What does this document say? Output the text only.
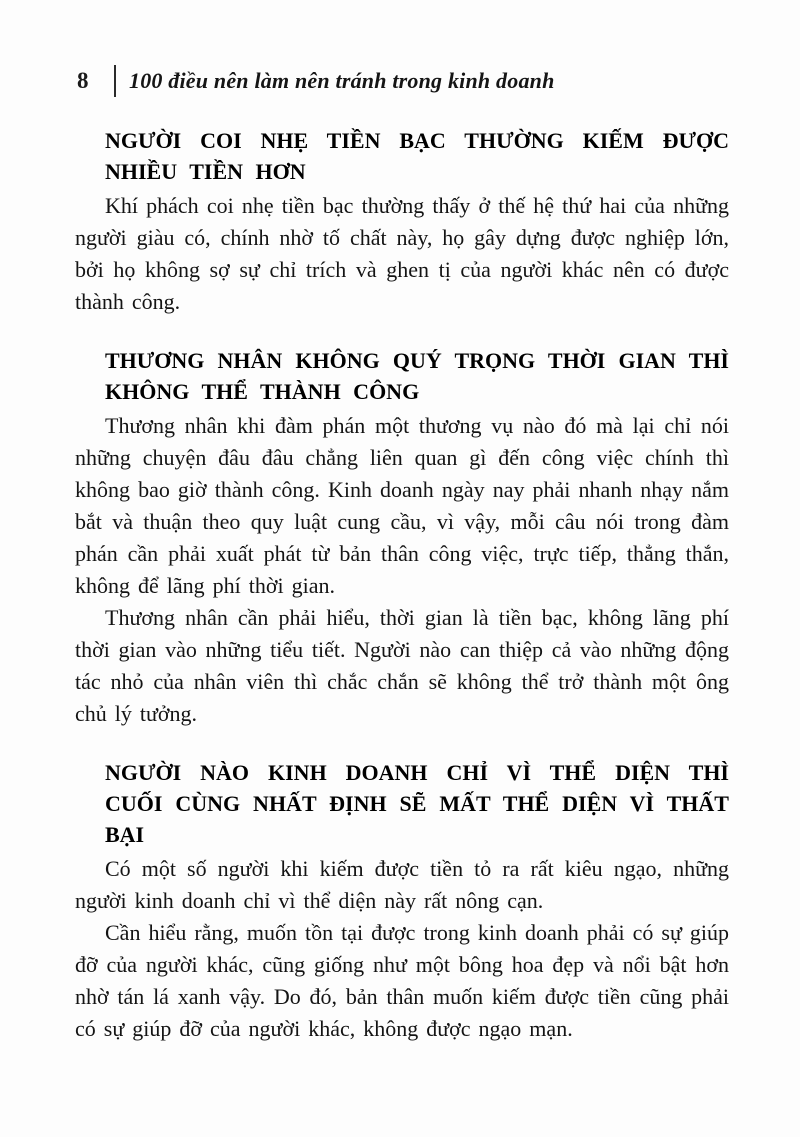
8 100 điều nên làm nên tránh trong kinh doanh
NGƯỜI COI NHẸ TIỀN BẠC THƯỜNG KIẾM ĐƯỢC NHIỀU TIỀN HƠN

Khí phách coi nhẹ tiền bạc thường thấy ở thế hệ thứ hai của những người giàu có, chính nhờ tố chất này, họ gây dựng được nghiệp lớn, bởi họ không sợ sự chỉ trích và ghen tị của người khác nên có được thành công.

THƯƠNG NHÂN KHÔNG QUÝ TRỌNG THỜI GIAN THÌ KHÔNG THỂ THÀNH CÔNG

Thương nhân khi đàm phán một thương vụ nào đó mà lại chỉ nói những chuyện đâu đâu chẳng liên quan gì đến công việc chính thì không bao giờ thành công. Kinh doanh ngày nay phải nhanh nhạy nắm bắt và thuận theo quy luật cung cầu, vì vậy, mỗi câu nói trong đàm phán cần phải xuất phát từ bản thân công việc, trực tiếp, thẳng thắn, không để lãng phí thời gian.

Thương nhân cần phải hiểu, thời gian là tiền bạc, không lãng phí thời gian vào những tiểu tiết. Người nào can thiệp cả vào những động tác nhỏ của nhân viên thì chắc chắn sẽ không thể trở thành một ông chủ lý tưởng.

NGƯỜI NÀO KINH DOANH CHỈ VÌ THỂ DIỆN THÌ CUỐI CÙNG NHẤT ĐỊNH SẼ MẤT THỂ DIỆN VÌ THẤT BẠI

Có một số người khi kiếm được tiền tỏ ra rất kiêu ngạo, những người kinh doanh chỉ vì thể diện này rất nông cạn.

Cần hiểu rằng, muốn tồn tại được trong kinh doanh phải có sự giúp đỡ của người khác, cũng giống như một bông hoa đẹp và nổi bật hơn nhờ tán lá xanh vậy. Do đó, bản thân muốn kiếm được tiền cũng phải có sự giúp đỡ của người khác, không được ngạo mạn.
